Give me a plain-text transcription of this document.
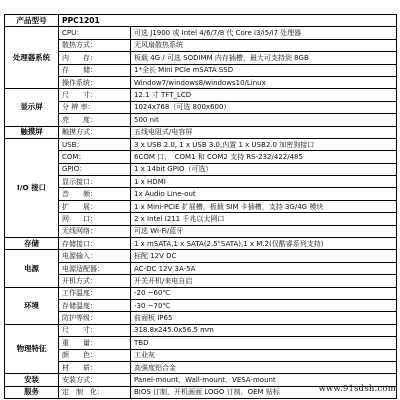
产品型号	PPC1201	
处理器系统	CPU：	可选 J1900 或 Intel 4/6/7/8 代 Core i3/i5/i7 处理器
	散热方式：	无风扇散热系统
	内　　存：	板载 4G / 可选 SODIMM 内存插槽，最大可支持到 8GB
	存　　储：	1*全长 Mini PCIe mSATA SSD
	操作系统：	Window7/windows8/windows10/Linux
显示屏	尺　　寸：	12.1 寸 TFT_LCD
	分 辨 率：	1024x768（可选 800x600）
	亮　　度：	500 nit
触摸屏	触摸方式：	五线电阻式/电容屏
I/O 接口	USB：	3 x USB 2.0, 1 x USB 3.0,内置 1 x USB2.0 加密狗接口
	COM：	6COM 口，　COM1 和 COM2 支持 RS-232/422/485
	GPIO：	1 x 14bit GPIO（可选）
	显示接口：	1 x HDMI
	音　　频：	1x Audio Line-out
	扩　　展：	1 x Mini-PCIE 扩展槽，板载 SIM 卡插槽，支持 3G/4G 模块
	网　　口：	2 x Intel I211 千兆以太网口
	无线网络：	可选 Wi-Fi/蓝牙
存储	存储接口：	1 x mSATA,1 x SATA(2.5"SATA),1 x M.2(仅酷睿系列支持)
电源	电源输入：	标配 12V DC
	电源适配器：	AC-DC 12V 3A-5A
	开机方式：	开关开机/来电自启
环境	工作温度：	-20 ~60℃
	存储温度：	-30 ~70℃
	防护等级：	前面板 IP65
物理特征	尺　　寸：	318.8x245.0x56.5 mm
	重　　量：	TBD
	颜　　色：	工业灰
	材　　质：	高强度铝合金
安装	安装方式：	Panel-mount、Wall-mount、VESA-mount
服务	定　制　化：	BIOS 订制，开机画面 LOGO 订制，OEM 贴标	www.91sdsh.com
